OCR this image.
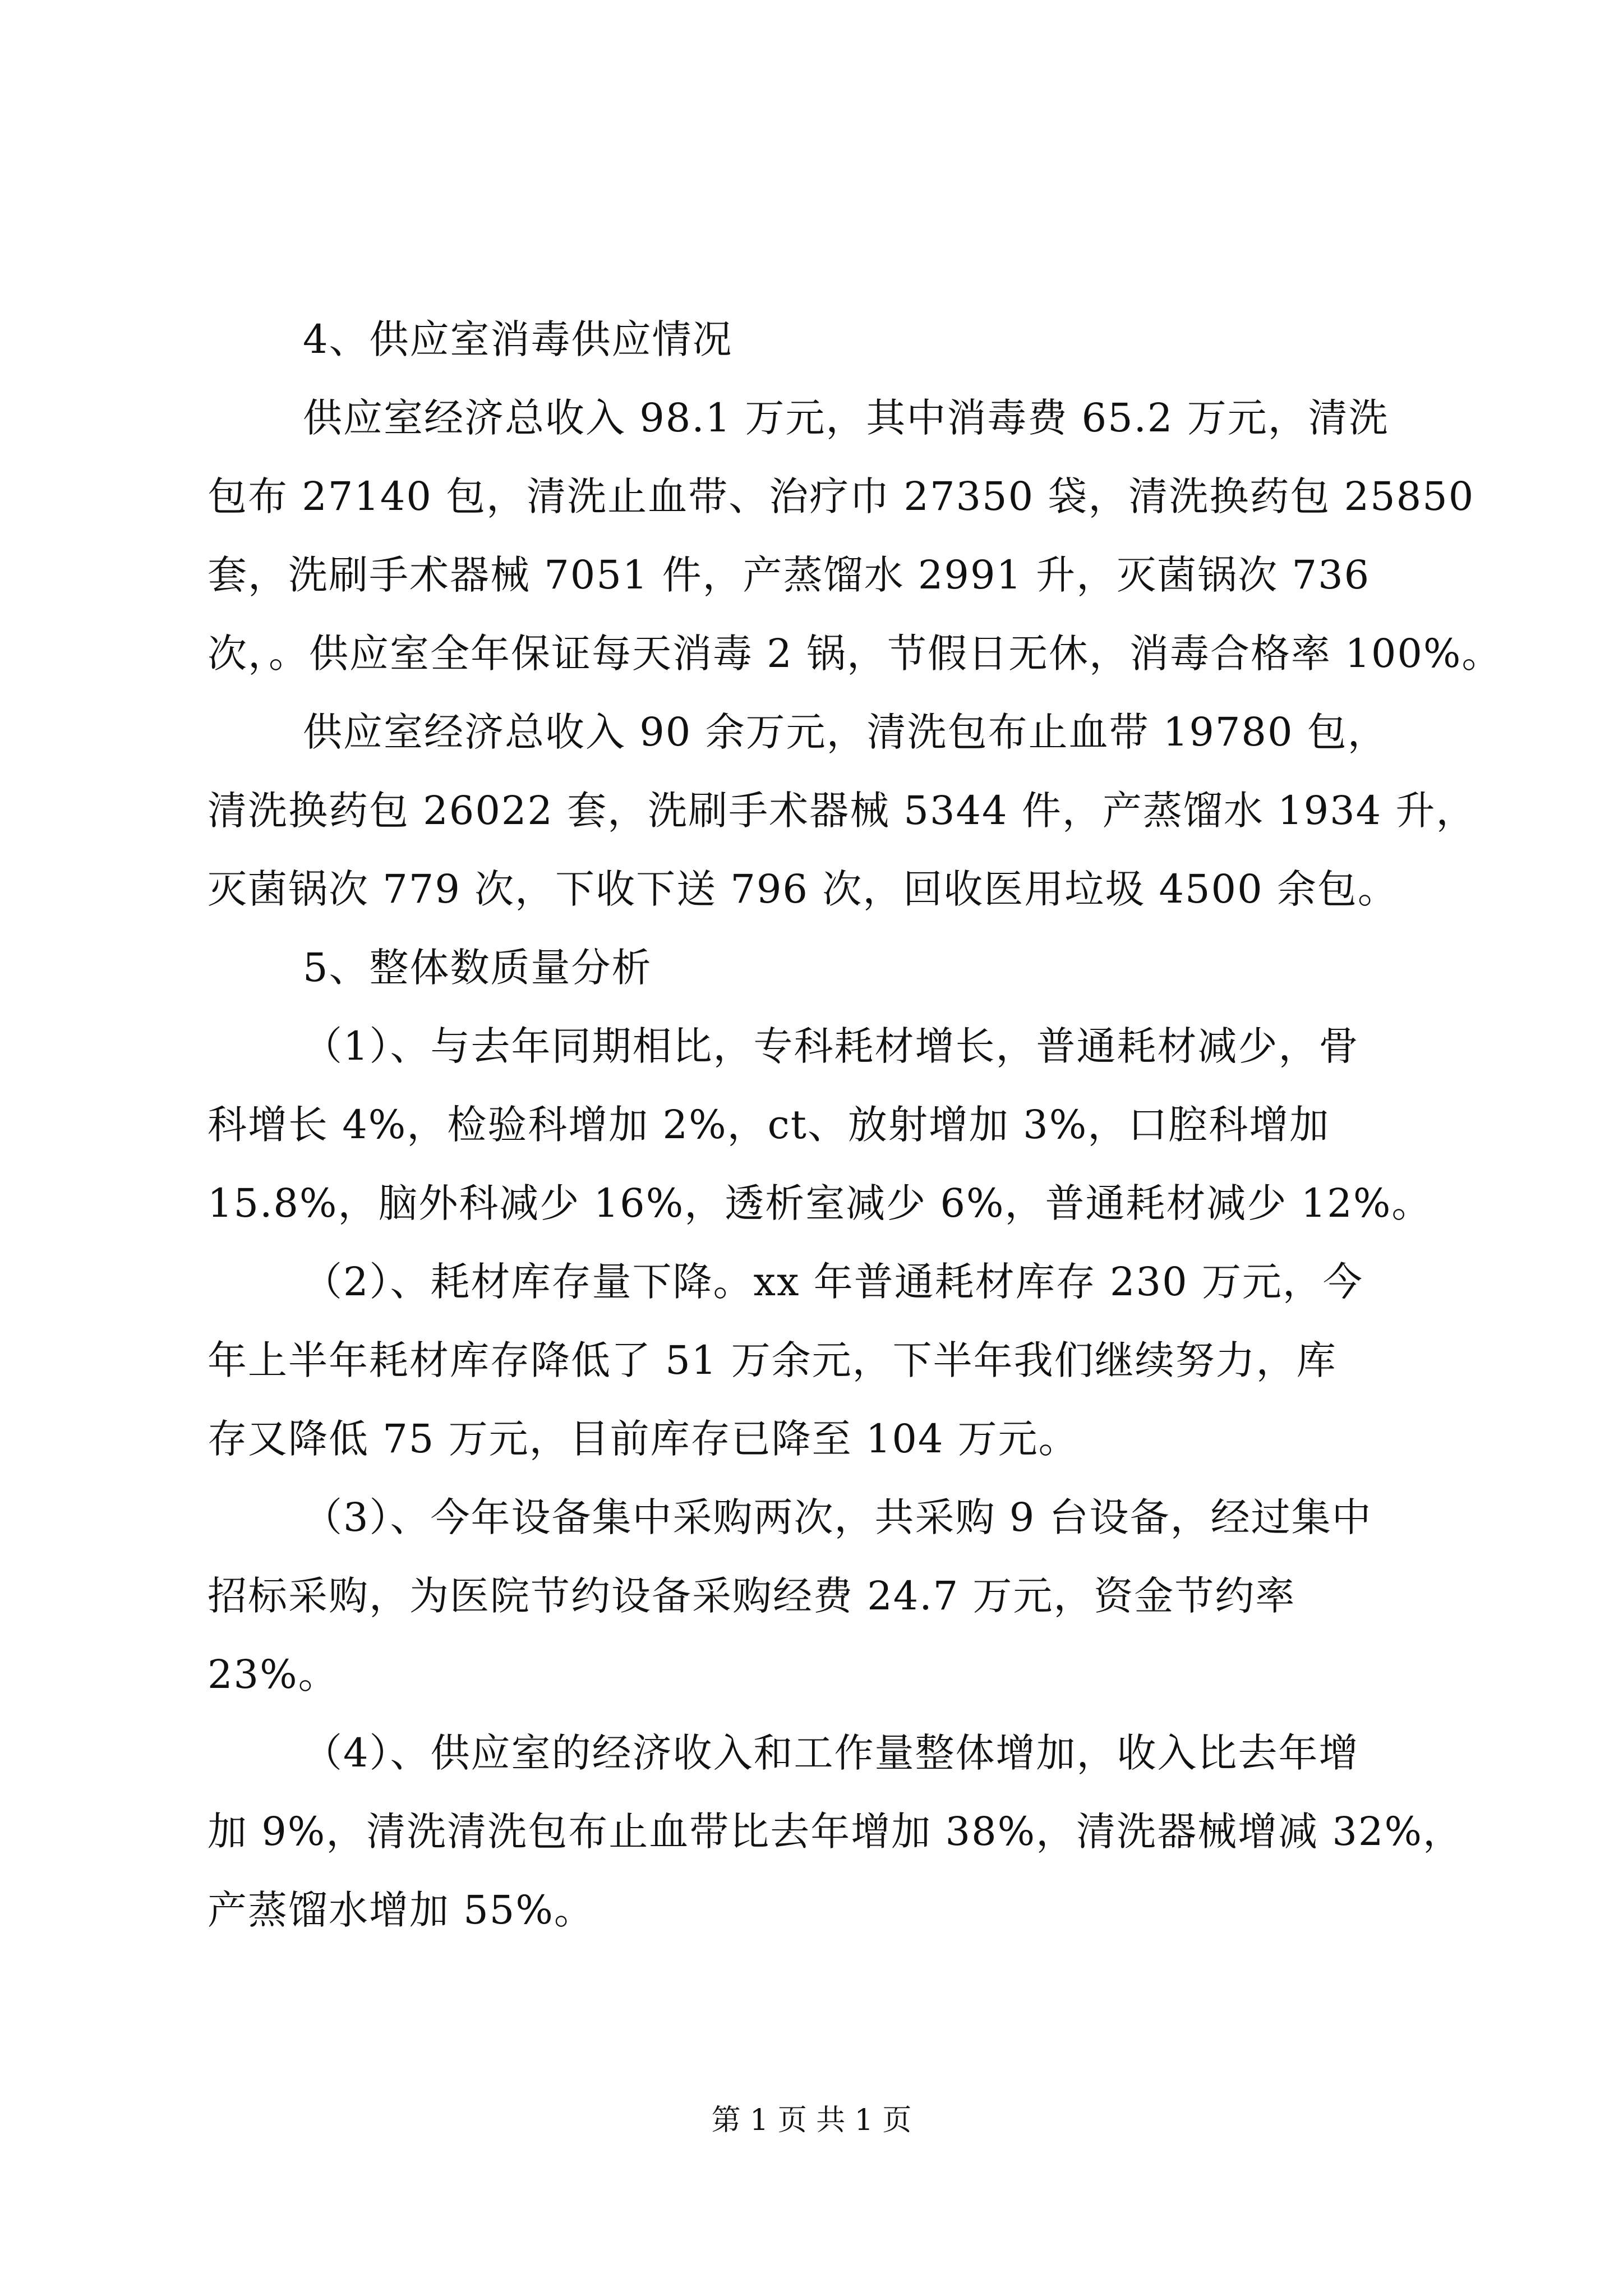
4、供应室消毒供应情况
供应室经济总收入 98.1 万元，其中消毒费 65.2 万元，清洗
包布 27140 包，清洗止血带、治疗巾 27350 袋，清洗换药包 25850
套，洗刷手术器械 7051 件，产蒸馏水 2991 升，灭菌锅次 736
次，。供应室全年保证每天消毒 2 锅，节假日无休，消毒合格率 100%。
供应室经济总收入 90 余万元，清洗包布止血带 19780 包，
清洗换药包 26022 套，洗刷手术器械 5344 件，产蒸馏水 1934 升，
灭菌锅次 779 次，下收下送 796 次，回收医用垃圾 4500 余包。
5、整体数质量分析
（1）、与去年同期相比，专科耗材增长，普通耗材减少，骨
科增长 4%，检验科增加 2%，ct、放射增加 3%，口腔科增加
15.8%，脑外科减少 16%，透析室减少 6%，普通耗材减少 12%。
（2）、耗材库存量下降。xx 年普通耗材库存 230 万元，今
年上半年耗材库存降低了 51 万余元，下半年我们继续努力，库
存又降低 75 万元，目前库存已降至 104 万元。
（3）、今年设备集中采购两次，共采购 9 台设备，经过集中
招标采购，为医院节约设备采购经费 24.7 万元，资金节约率
23%。
（4）、供应室的经济收入和工作量整体增加，收入比去年增
加 9%，清洗清洗包布止血带比去年增加 38%，清洗器械增减 32%，
产蒸馏水增加 55%。
第 1 页 共 1 页
